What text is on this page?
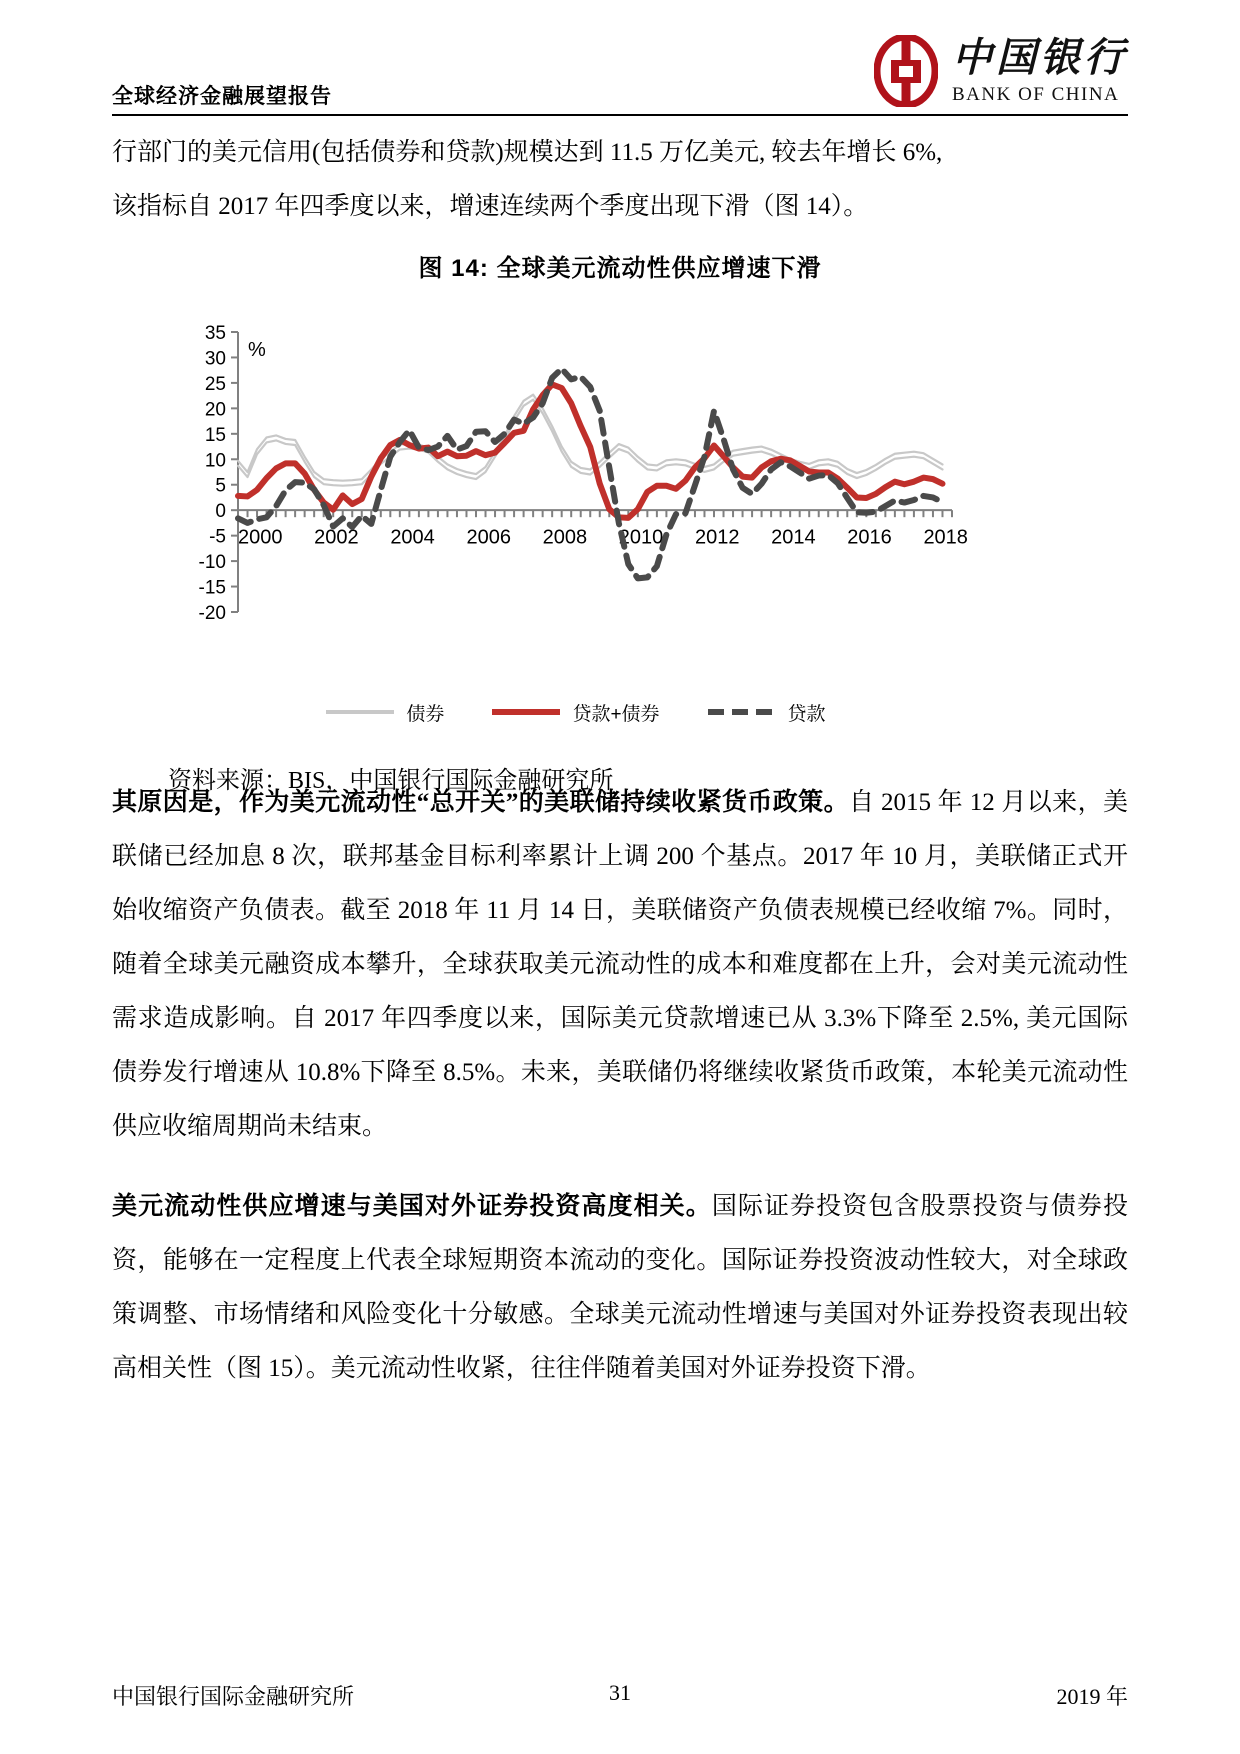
全球经济金融展望报告
中国银行
BANK OF CHINA
行部门的美元信用(包括债券和贷款)规模达到 11.5 万亿美元, 较去年增长 6%,
该指标自 2017 年四季度以来，增速连续两个季度出现下滑（图 14）。
图 14: 全球美元流动性供应增速下滑
35
30
25
20
15
10
5
0
-5
-10
-15
-20
%
2000 2002 2004 2006 2008 2010 2012 2014 2016 2018
债券	贷款+债券	贷款
资料来源：BIS，中国银行国际金融研究所
其原因是，作为美元流动性“总开关”的美联储持续收紧货币政策。自 2015 年 12 月以来，美联储已经加息 8 次，联邦基金目标利率累计上调 200 个基点。2017 年 10 月，美联储正式开始收缩资产负债表。截至 2018 年 11 月 14 日，美联储资产负债表规模已经收缩 7%。同时，随着全球美元融资成本攀升，全球获取美元流动性的成本和难度都在上升，会对美元流动性需求造成影响。自 2017 年四季度以来，国际美元贷款增速已从 3.3%下降至 2.5%, 美元国际债券发行增速从 10.8%下降至 8.5%。未来，美联储仍将继续收紧货币政策，本轮美元流动性供应收缩周期尚未结束。
美元流动性供应增速与美国对外证券投资高度相关。国际证券投资包含股票投资与债券投资，能够在一定程度上代表全球短期资本流动的变化。国际证券投资波动性较大，对全球政策调整、市场情绪和风险变化十分敏感。全球美元流动性增速与美国对外证券投资表现出较高相关性（图 15）。美元流动性收紧，往往伴随着美国对外证券投资下滑。
中国银行国际金融研究所	31	2019 年
